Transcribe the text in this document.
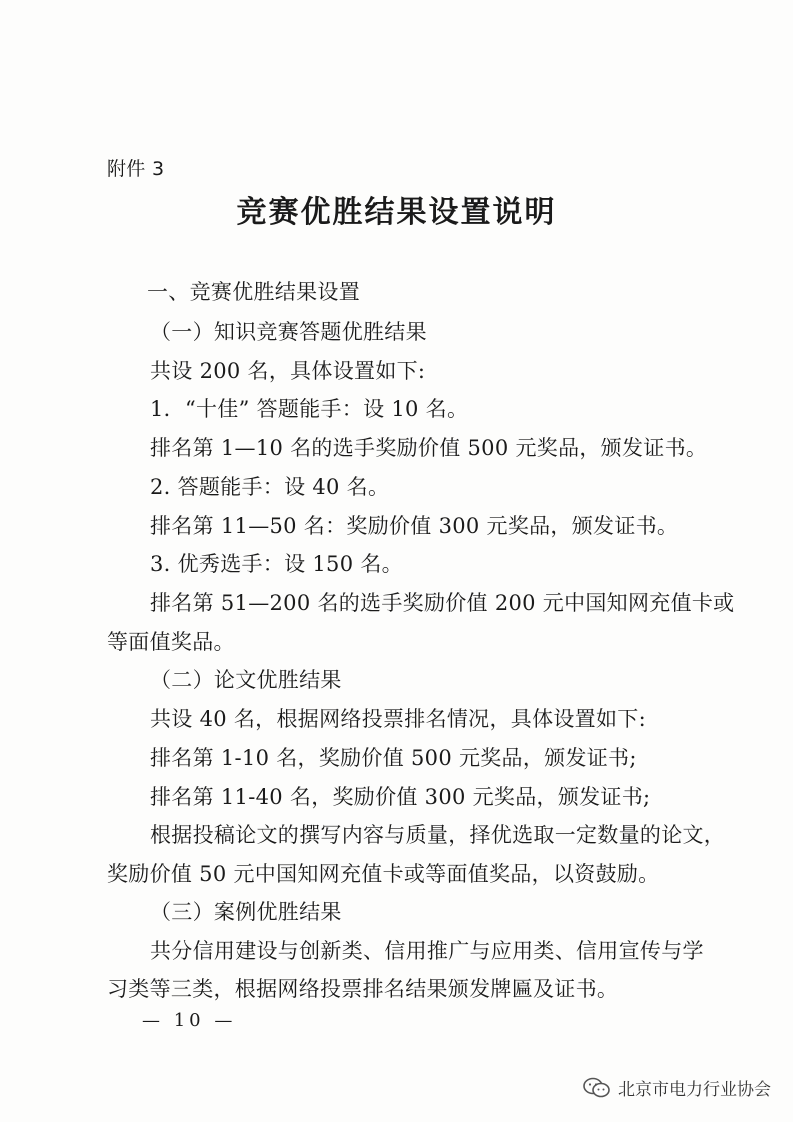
附件 3
竞赛优胜结果设置说明
一、竞赛优胜结果设置
（一）知识竞赛答题优胜结果
共设 200 名，具体设置如下:
1．“十佳” 答题能手：设 10 名。
排名第 1—10 名的选手奖励价值 500 元奖品，颁发证书。
2. 答题能手：设 40 名。
排名第 11—50 名：奖励价值 300 元奖品，颁发证书。
3. 优秀选手：设 150 名。
排名第 51—200 名的选手奖励价值 200 元中国知网充值卡或
等面值奖品。
（二）论文优胜结果
共设 40 名，根据网络投票排名情况，具体设置如下:
排名第 1-10 名，奖励价值 500 元奖品，颁发证书;
排名第 11-40 名，奖励价值 300 元奖品，颁发证书;
根据投稿论文的撰写内容与质量，择优选取一定数量的论文，
奖励价值 50 元中国知网充值卡或等面值奖品，以资鼓励。
（三）案例优胜结果
共分信用建设与创新类、信用推广与应用类、信用宣传与学
习类等三类，根据网络投票排名结果颁发牌匾及证书。
— 10 —
北京市电力行业协会
